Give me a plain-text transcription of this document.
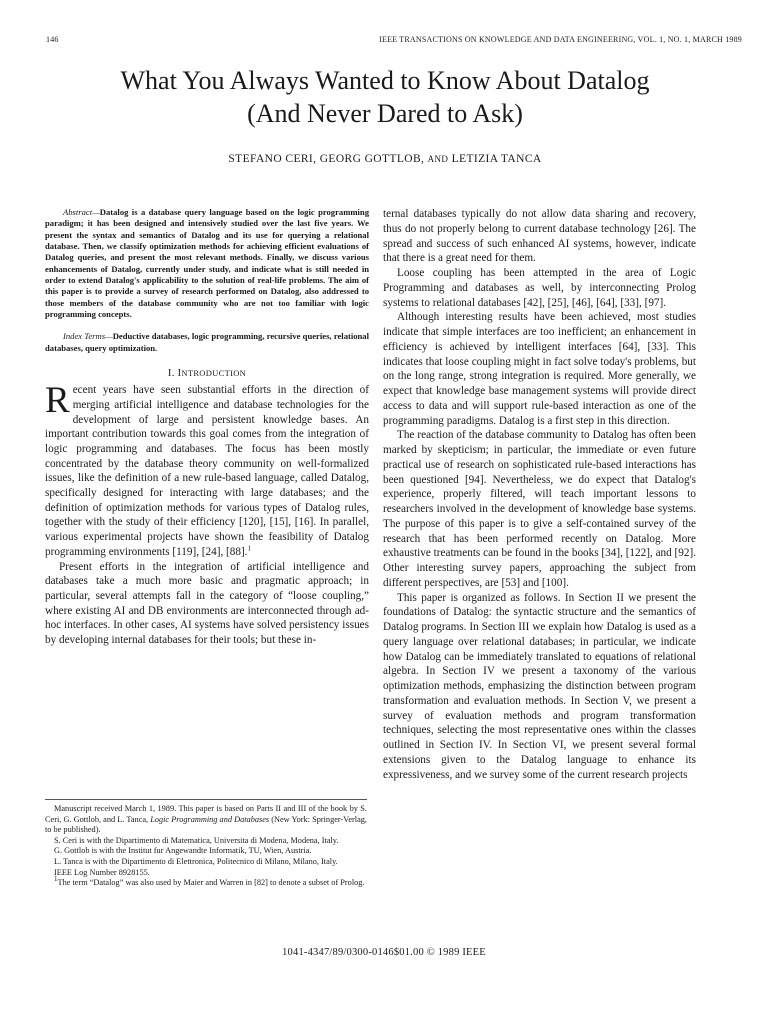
146	IEEE TRANSACTIONS ON KNOWLEDGE AND DATA ENGINEERING, VOL. 1, NO. 1, MARCH 1989
What You Always Wanted to Know About Datalog
(And Never Dared to Ask)
STEFANO CERI, GEORG GOTTLOB, AND LETIZIA TANCA

Abstract—Datalog is a database query language based on the logic programming paradigm; it has been designed and intensively studied over the last five years. We present the syntax and semantics of Datalog and its use for querying a relational database. Then, we classify optimization methods for achieving efficient evaluations of Datalog queries, and present the most relevant methods. Finally, we discuss various enhancements of Datalog, currently under study, and indicate what is still needed in order to extend Datalog's applicability to the solution of real-life problems. The aim of this paper is to provide a survey of research performed on Datalog, also addressed to those members of the database community who are not too familiar with logic programming concepts.

Index Terms—Deductive databases, logic programming, recursive queries, relational databases, query optimization.

I. INTRODUCTION

Recent years have seen substantial efforts in the direction of merging artificial intelligence and database technologies for the development of large and persistent knowledge bases. An important contribution towards this goal comes from the integration of logic programming and databases. The focus has been mostly concentrated by the database theory community on well-formalized issues, like the definition of a new rule-based language, called Datalog, specifically designed for interacting with large databases; and the definition of optimization methods for various types of Datalog rules, together with the study of their efficiency [120], [15], [16]. In parallel, various experimental projects have shown the feasibility of Datalog programming environments [119], [24], [88].$^1$

Present efforts in the integration of artificial intelligence and databases take a much more basic and pragmatic approach; in particular, several attempts fall in the category of “loose coupling,” where existing AI and DB environments are interconnected through ad-hoc interfaces. In other cases, AI systems have solved persistency issues by developing internal databases for their tools; but these in-

Manuscript received March 1, 1989. This paper is based on Parts II and III of the book by S. Ceri, G. Gottlob, and L. Tanca, Logic Programming and Databases (New York: Springer-Verlag, to be published).

S. Ceri is with the Dipartimento di Matematica, Universita di Modena, Modena, Italy.

G. Gottlob is with the Institut fur Angewandte Informatik, TU, Wien, Austria.

L. Tanca is with the Dipartimento di Elettronica, Politecnico di Milano, Milano, Italy.

IEEE Log Number 8928155.

$^1$The term “Datalog” was also used by Maier and Warren in [82] to denote a subset of Prolog.

ternal databases typically do not allow data sharing and recovery, thus do not properly belong to current database technology [26]. The spread and success of such enhanced AI systems, however, indicate that there is a great need for them.

Loose coupling has been attempted in the area of Logic Programming and databases as well, by interconnecting Prolog systems to relational databases [42], [25], [46], [64], [33], [97].

Although interesting results have been achieved, most studies indicate that simple interfaces are too inefficient; an enhancement in efficiency is achieved by intelligent interfaces [64], [33]. This indicates that loose coupling might in fact solve today's problems, but on the long range, strong integration is required. More generally, we expect that knowledge base management systems will provide direct access to data and will support rule-based interaction as one of the programming paradigms. Datalog is a first step in this direction.

The reaction of the database community to Datalog has often been marked by skepticism; in particular, the immediate or even future practical use of research on sophisticated rule-based interactions has been questioned [94]. Nevertheless, we do expect that Datalog's experience, properly filtered, will teach important lessons to researchers involved in the development of knowledge base systems. The purpose of this paper is to give a self-contained survey of the research that has been performed recently on Datalog. More exhaustive treatments can be found in the books [34], [122], and [92]. Other interesting survey papers, approaching the subject from different perspectives, are [53] and [100].

This paper is organized as follows. In Section II we present the foundations of Datalog: the syntactic structure and the semantics of Datalog programs. In Section III we explain how Datalog is used as a query language over relational databases; in particular, we indicate how Datalog can be immediately translated to equations of relational algebra. In Section IV we present a taxonomy of the various optimization methods, emphasizing the distinction between program transformation and evaluation methods. In Section V, we present a survey of evaluation methods and program transformation techniques, selecting the most representative ones within the classes outlined in Section IV. In Section VI, we present several formal extensions given to the Datalog language to enhance its expressiveness, and we survey some of the current research projects

1041-4347/89/0300-0146$01.00 © 1989 IEEE
